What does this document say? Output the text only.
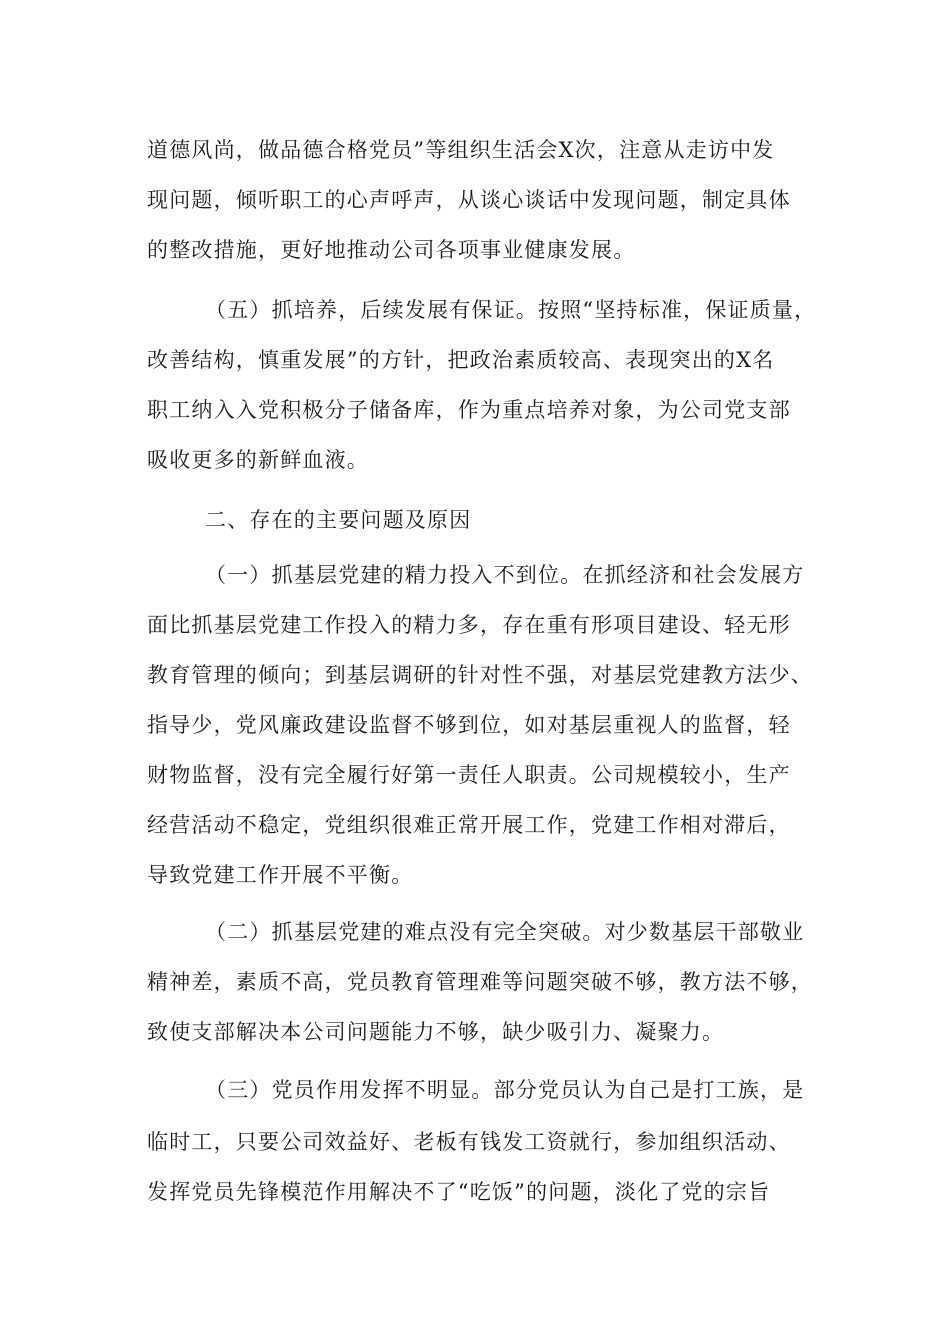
道德风尚，做品德合格党员”等组织生活会X次，注意从走访中发
现问题，倾听职工的心声呼声，从谈心谈话中发现问题，制定具体
的整改措施，更好地推动公司各项事业健康发展。
（五）抓培养，后续发展有保证。按照“坚持标准，保证质量，
改善结构，慎重发展”的方针，把政治素质较高、表现突出的X名
职工纳入入党积极分子储备库，作为重点培养对象，为公司党支部
吸收更多的新鲜血液。
二、存在的主要问题及原因
（一）抓基层党建的精力投入不到位。在抓经济和社会发展方
面比抓基层党建工作投入的精力多，存在重有形项目建设、轻无形
教育管理的倾向；到基层调研的针对性不强，对基层党建教方法少、
指导少，党风廉政建设监督不够到位，如对基层重视人的监督，轻
财物监督，没有完全履行好第一责任人职责。公司规模较小，生产
经营活动不稳定，党组织很难正常开展工作，党建工作相对滞后，
导致党建工作开展不平衡。
（二）抓基层党建的难点没有完全突破。对少数基层干部敬业
精神差，素质不高，党员教育管理难等问题突破不够，教方法不够，
致使支部解决本公司问题能力不够，缺少吸引力、凝聚力。
（三）党员作用发挥不明显。部分党员认为自己是打工族，是
临时工，只要公司效益好、老板有钱发工资就行，参加组织活动、
发挥党员先锋模范作用解决不了“吃饭”的问题，淡化了党的宗旨
